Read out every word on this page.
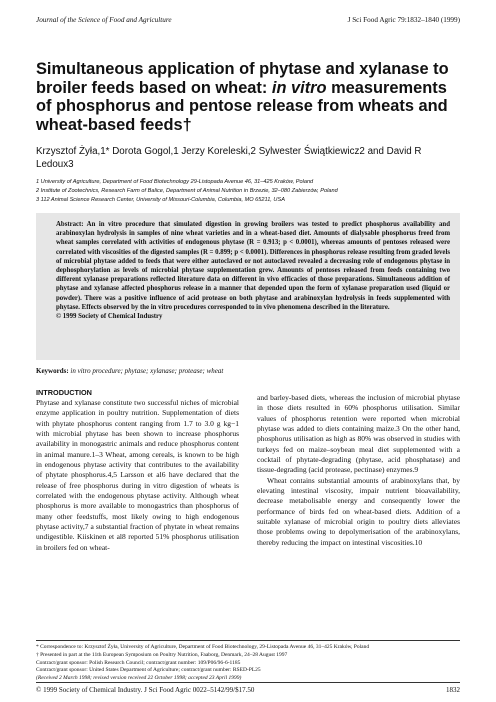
Journal of the Science of Food and Agriculture	J Sci Food Agric 79:1832–1840 (1999)
Simultaneous application of phytase and xylanase to broiler feeds based on wheat: in vitro measurements of phosphorus and pentose release from wheats and wheat-based feeds†
Krzysztof Żyła,1* Dorota Gogol,1 Jerzy Koreleski,2 Sylwester Świątkiewicz2 and David R Ledoux3
1 University of Agriculture, Department of Food Biotechnology 29-Listopada Avenue 46, 31–425 Kraków, Poland
2 Institute of Zootechnics, Research Farm of Balice, Department of Animal Nutrition in Brzezie, 32–080 Zabierzów, Poland
3 112 Animal Science Research Center, University of Missouri-Columbia, Columbia, MO 65211, USA
Abstract: An in vitro procedure that simulated digestion in growing broilers was tested to predict phosphorus availability and arabinoxylan hydrolysis in samples of nine wheat varieties and in a wheat-based diet. Amounts of dialysable phosphorus freed from wheat samples correlated with activities of endogenous phytase (R = 0.913; p < 0.0001), whereas amounts of pentoses released were correlated with viscosities of the digested samples (R = 0.899; p < 0.0001). Differences in phosphorus release resulting from graded levels of microbial phytase added to feeds that were either autoclaved or not autoclaved revealed a decreasing role of endogenous phytase in dephosphorylation as levels of microbial phytase supplementation grew. Amounts of pentoses released from feeds containing two different xylanase preparations reflected literature data on different in vivo efficacies of those preparations. Simultaneous addition of phytase and xylanase affected phosphorus release in a manner that depended upon the form of xylanase preparation used (liquid or powder). There was a positive influence of acid protease on both phytase and arabinoxylan hydrolysis in feeds supplemented with phytase. Effects observed by the in vitro procedures corresponded to in vivo phenomena described in the literature.
© 1999 Society of Chemical Industry
Keywords: in vitro procedure; phytase; xylanase; protease; wheat
INTRODUCTION

Phytase and xylanase constitute two successful niches of microbial enzyme application in poultry nutrition. Supplementation of diets with phytate phosphorus content ranging from 1.7 to 3.0 g kg−1 with microbial phytase has been shown to increase phosphorus availability in monogastric animals and reduce phosphorus content in animal manure.1–3 Wheat, among cereals, is known to be high in endogenous phytase activity that contributes to the availability of phytate phosphorus.4,5 Larsson et al6 have declared that the release of free phosphorus during in vitro digestion of wheats is correlated with the endogenous phytase activity. Although wheat phosphorus is more available to monogastrics than phosphorus of many other feedstuffs, most likely owing to high endogenous phytase activity,7 a substantial fraction of phytate in wheat remains undigestible. Kiiskinen et al8 reported 51% phosphorus utilisation in broilers fed on wheat-

and barley-based diets, whereas the inclusion of microbial phytase in those diets resulted in 60% phosphorus utilisation. Similar values of phosphorus retention were reported when microbial phytase was added to diets containing maize.3 On the other hand, phosphorus utilisation as high as 80% was observed in studies with turkeys fed on maize–soybean meal diet supplemented with a cocktail of phytate-degrading (phytase, acid phosphatase) and tissue-degrading (acid protease, pectinase) enzymes.9

Wheat contains substantial amounts of arabinoxylans that, by elevating intestinal viscosity, impair nutrient bioavailability, decrease metabolisable energy and consequently lower the performance of birds fed on wheat-based diets. Addition of a suitable xylanase of microbial origin to poultry diets alleviates those problems owing to depolymerisation of the arabinoxylans, thereby reducing the impact on intestinal viscosities.10

* Correspondence to: Krzysztof Żyła, University of Agriculture, Department of Food Biotechnology, 29-Listopada Avenue 46, 31–425 Kraków, Poland
† Presented in part at the 11th European Symposium on Poultry Nutrition, Faaborg, Denmark, 24–28 August 1997
Contract/grant sponsor: Polish Research Council; contract/grant number: 109/P06/96-6-1185
Contract/grant sponsor: United States Department of Agriculture; contract/grant number: RSED-PL25
(Received 2 March 1998; revised version received 22 October 1998; accepted 23 April 1999)
© 1999 Society of Chemical Industry. J Sci Food Agric 0022–5142/99/$17.50	1832
